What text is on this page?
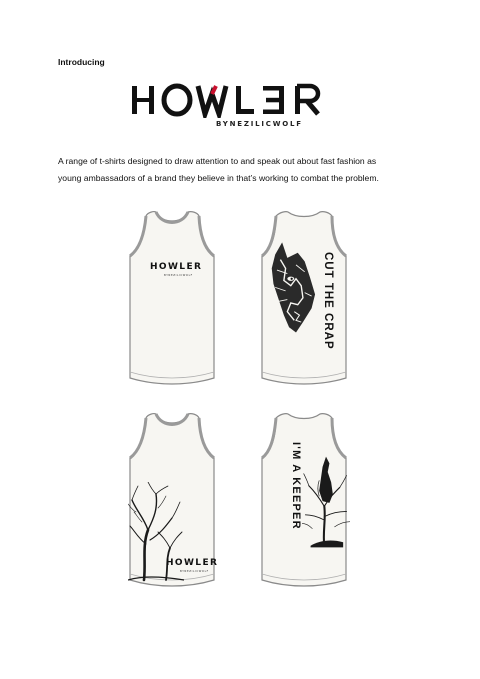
Introducing
BYNEZILICWOLF

A range of t-shirts designed to draw attention to and speak out about fast fashion as

young ambassadors of a brand they believe in that’s working to combat the problem.

HOWLER
BYNEZILICWOLF	CUT THE CRAP
HOWLER
BYNEZILICWOLF
I'M A KEEPER
